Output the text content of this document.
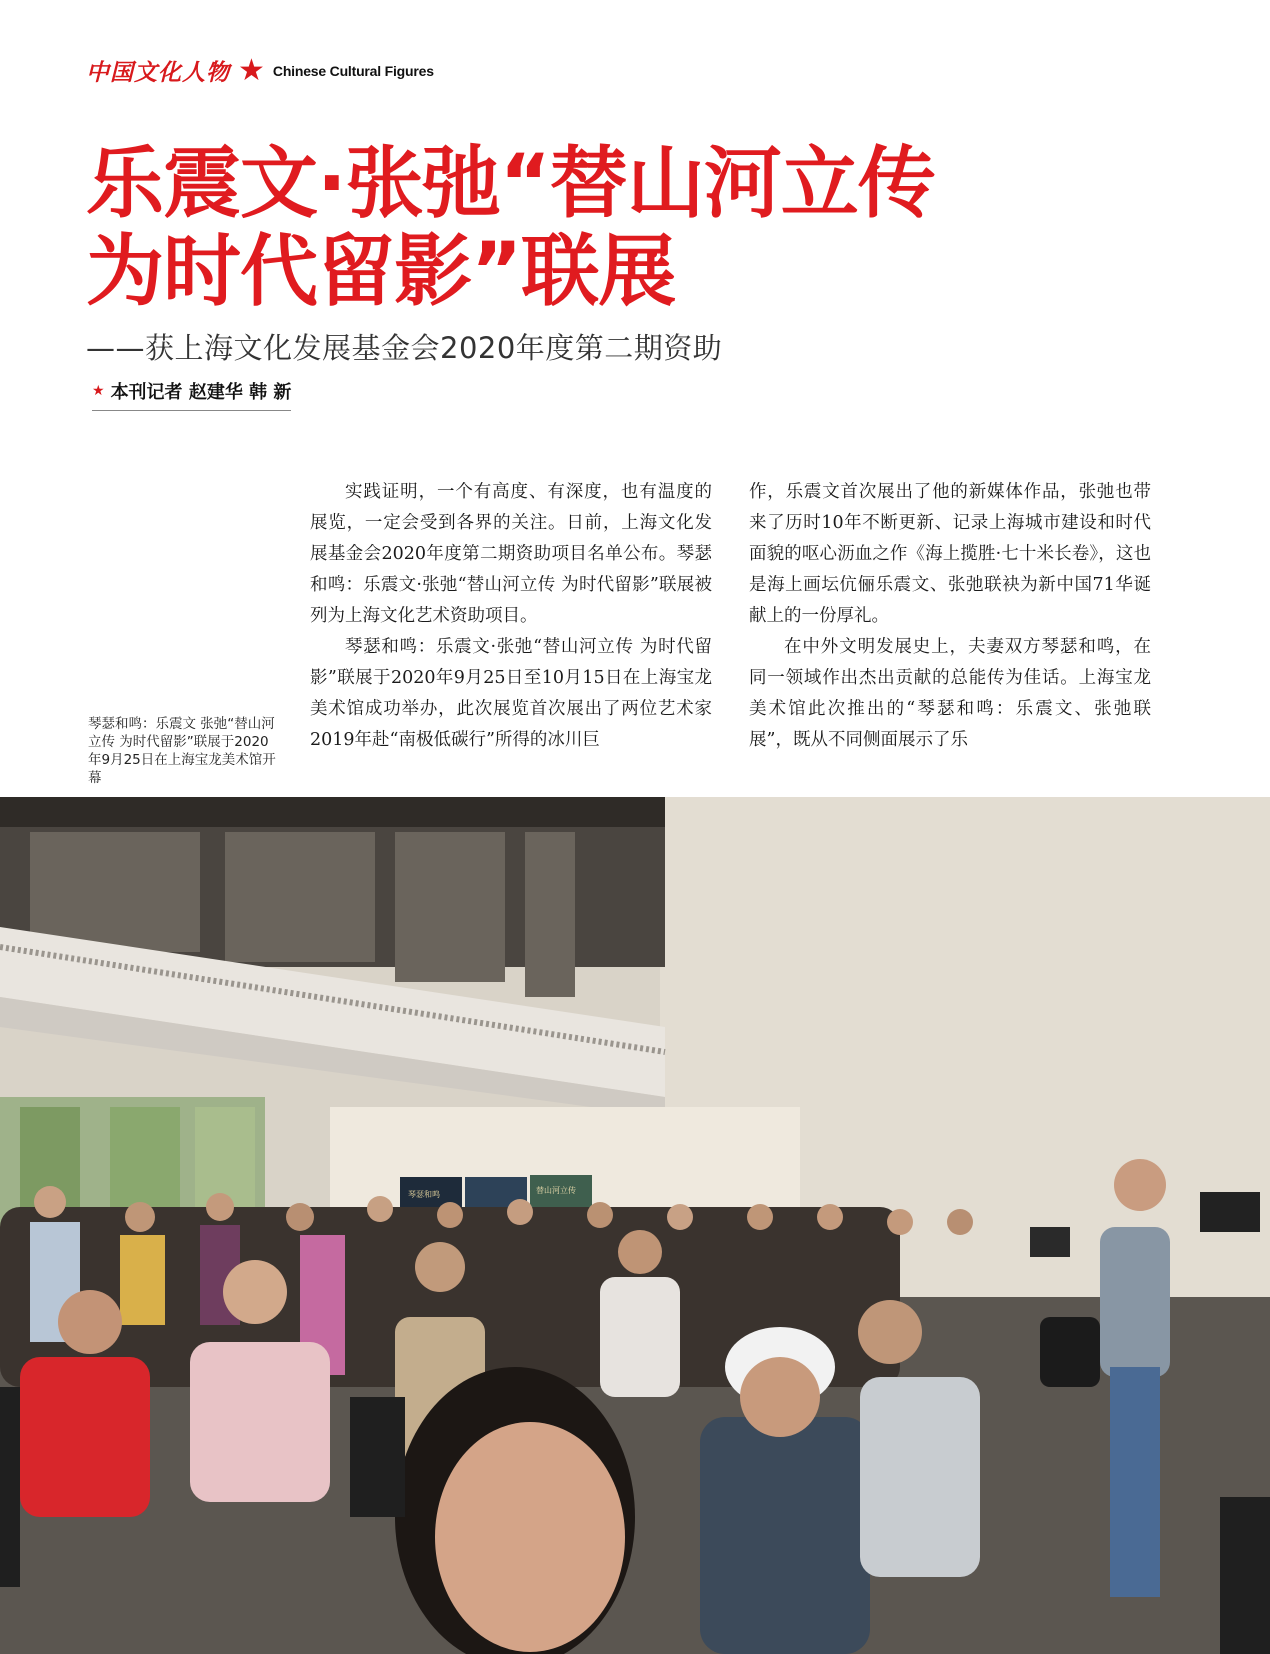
中国文化人物 ★ Chinese Cultural Figures
乐震文·张弛“替山河立传
为时代留影”联展
——获上海文化发展基金会2020年度第二期资助
★ 本刊记者 赵建华 韩 新

实践证明，一个有高度、有深度，也有温度的展览，一定会受到各界的关注。日前，上海文化发展基金会2020年度第二期资助项目名单公布。琴瑟和鸣：乐震文·张弛“替山河立传 为时代留影”联展被列为上海文化艺术资助项目。

琴瑟和鸣：乐震文·张弛“替山河立传 为时代留影”联展于2020年9月25日至10月15日在上海宝龙美术馆成功举办，此次展览首次展出了两位艺术家2019年赴“南极低碳行”所得的冰川巨

作，乐震文首次展出了他的新媒体作品，张弛也带来了历时10年不断更新、记录上海城市建设和时代面貌的呕心沥血之作《海上揽胜·七十米长卷》，这也是海上画坛伉俪乐震文、张弛联袂为新中国71华诞献上的一份厚礼。

在中外文明发展史上，夫妻双方琴瑟和鸣，在同一领域作出杰出贡献的总能传为佳话。上海宝龙美术馆此次推出的“琴瑟和鸣：乐震文、张弛联展”，既从不同侧面展示了乐

琴瑟和鸣：乐震文 张弛“替山河立传 为时代留影”联展于2020年9月25日在上海宝龙美术馆开幕
琴瑟和鸣	替山河立传
